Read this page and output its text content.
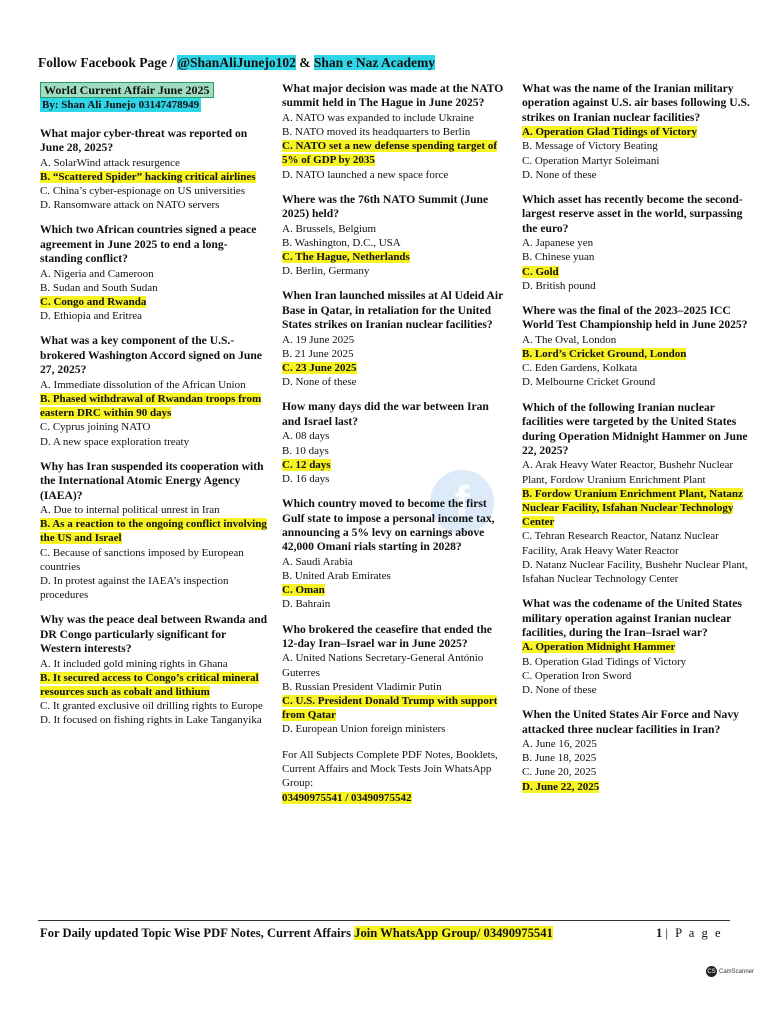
Follow Facebook Page / @ShanAliJunejo102 & Shan e Naz Academy
f
World Current Affair June 2025
By: Shan Ali Junejo 03147478949
What major cyber-threat was reported on June 28, 2025?
A. SolarWind attack resurgence
B. “Scattered Spider” hacking critical airlines
C. China’s cyber-espionage on US universities
D. Ransomware attack on NATO servers
Which two African countries signed a peace agreement in June 2025 to end a long-standing conflict?
A. Nigeria and Cameroon
B. Sudan and South Sudan
C. Congo and Rwanda
D. Ethiopia and Eritrea
What was a key component of the U.S.-brokered Washington Accord signed on June 27, 2025?
A. Immediate dissolution of the African Union
B. Phased withdrawal of Rwandan troops from eastern DRC within 90 days
C. Cyprus joining NATO
D. A new space exploration treaty
Why has Iran suspended its cooperation with the International Atomic Energy Agency (IAEA)?
A. Due to internal political unrest in Iran
B. As a reaction to the ongoing conflict involving the US and Israel
C. Because of sanctions imposed by European countries
D. In protest against the IAEA’s inspection procedures
Why was the peace deal between Rwanda and DR Congo particularly significant for Western interests?
A. It included gold mining rights in Ghana
B. It secured access to Congo’s critical mineral resources such as cobalt and lithium
C. It granted exclusive oil drilling rights to Europe
D. It focused on fishing rights in Lake Tanganyika
What major decision was made at the NATO summit held in The Hague in June 2025?
A. NATO was expanded to include Ukraine
B. NATO moved its headquarters to Berlin
C. NATO set a new defense spending target of 5% of GDP by 2035
D. NATO launched a new space force
Where was the 76th NATO Summit (June 2025) held?
A. Brussels, Belgium
B. Washington, D.C., USA
C. The Hague, Netherlands
D. Berlin, Germany
When Iran launched missiles at Al Udeid Air Base in Qatar, in retaliation for the United States strikes on Iranian nuclear facilities?
A. 19 June 2025
B. 21 June 2025
C. 23 June 2025
D. None of these
How many days did the war between Iran and Israel last?
A. 08 days
B. 10 days
C. 12 days
D. 16 days
Which country moved to become the first Gulf state to impose a personal income tax, announcing a 5% levy on earnings above 42,000 Omani rials starting in 2028?
A. Saudi Arabia
B. United Arab Emirates
C. Oman
D. Bahrain
Who brokered the ceasefire that ended the 12-day Iran–Israel war in June 2025?
A. United Nations Secretary-General António Guterres
B. Russian President Vladimir Putin
C. U.S. President Donald Trump with support from Qatar
D. European Union foreign ministers
For All Subjects Complete PDF Notes, Booklets, Current Affairs and Mock Tests Join WhatsApp Group:
03490975541 / 03490975542
What was the name of the Iranian military operation against U.S. air bases following U.S. strikes on Iranian nuclear facilities?
A. Operation Glad Tidings of Victory
B. Message of Victory Beating
C. Operation Martyr Soleimani
D. None of these
Which asset has recently become the second-largest reserve asset in the world, surpassing the euro?
A. Japanese yen
B. Chinese yuan
C. Gold
D. British pound
Where was the final of the 2023–2025 ICC World Test Championship held in June 2025?
A. The Oval, London
B. Lord’s Cricket Ground, London
C. Eden Gardens, Kolkata
D. Melbourne Cricket Ground
Which of the following Iranian nuclear facilities were targeted by the United States during Operation Midnight Hammer on June 22, 2025?
A. Arak Heavy Water Reactor, Bushehr Nuclear Plant, Fordow Uranium Enrichment Plant
B. Fordow Uranium Enrichment Plant, Natanz Nuclear Facility, Isfahan Nuclear Technology Center
C. Tehran Research Reactor, Natanz Nuclear Facility, Arak Heavy Water Reactor
D. Natanz Nuclear Facility, Bushehr Nuclear Plant, Isfahan Nuclear Technology Center
What was the codename of the United States military operation against Iranian nuclear facilities, during the Iran–Israel war?
A. Operation Midnight Hammer
B. Operation Glad Tidings of Victory
C. Operation Iron Sword
D. None of these
When the United States Air Force and Navy attacked three nuclear facilities in Iran?
A. June 16, 2025
B. June 18, 2025
C. June 20, 2025
D. June 22, 2025
For Daily updated Topic Wise PDF Notes, Current Affairs Join WhatsApp Group/ 03490975541	1 | P a g e
CS CamScanner
